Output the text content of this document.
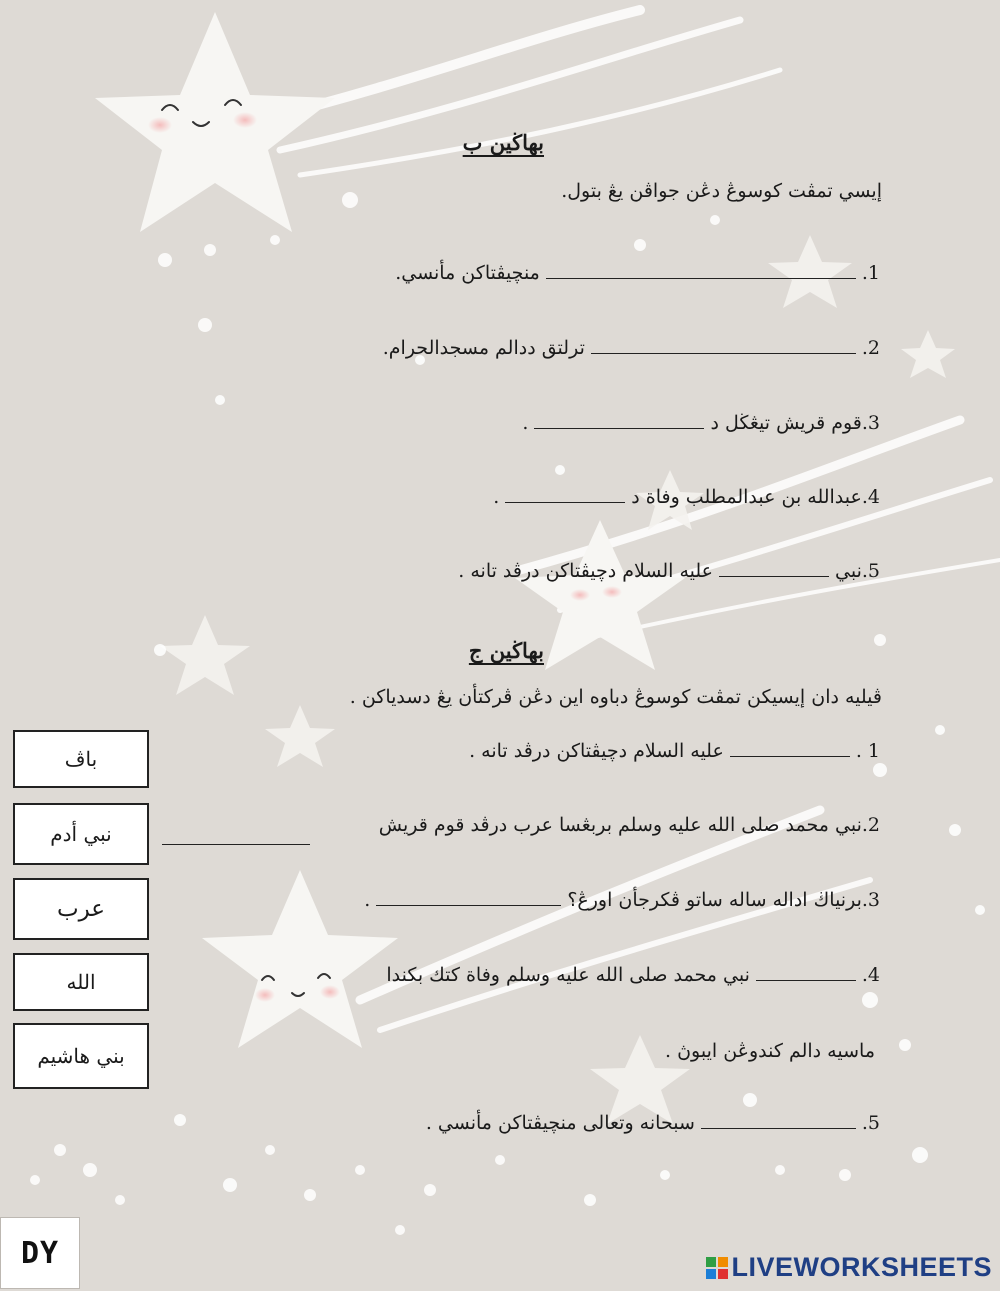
بهاڬين ب
إيسي تمڤت كوسوڠ دڠن جواڤن يڠ بتول.
1.
منچيڤتاكن مأنسي.
2.
ترلتق ددالم مسجدالحرام.
3.
قوم قريش تيڠڬل د
.
4.
عبدالله بن عبدالمطلب وفاة د
.
5.
نبي
عليه السلام دچيڤتاكن درڤد تانه .
بهاڬين ج
ڤيليه دان إيسيكن تمڤت كوسوڠ دباوه اين دڠن ڤركتأن يڠ دسدياكن .
1 .
عليه السلام دچيڤتاكن درڤد تانه .
2.
نبي محمد صلى الله عليه وسلم بربڠسا عرب درڤد قوم قريش
3.
برنياڬ اداله ساله ساتو ڤكرجأن اورڠ؟
.
4.
نبي محمد صلى الله عليه وسلم وفاة كتك بكندا
ماسيه دالم كندوڠن ايبوڽ .
5.
سبحانه وتعالى منچيڤتاكن مأنسي .
باڤ
نبي أدم
عرب
الله
بني هاشيم
DY	LIVEWORKSHEETS
